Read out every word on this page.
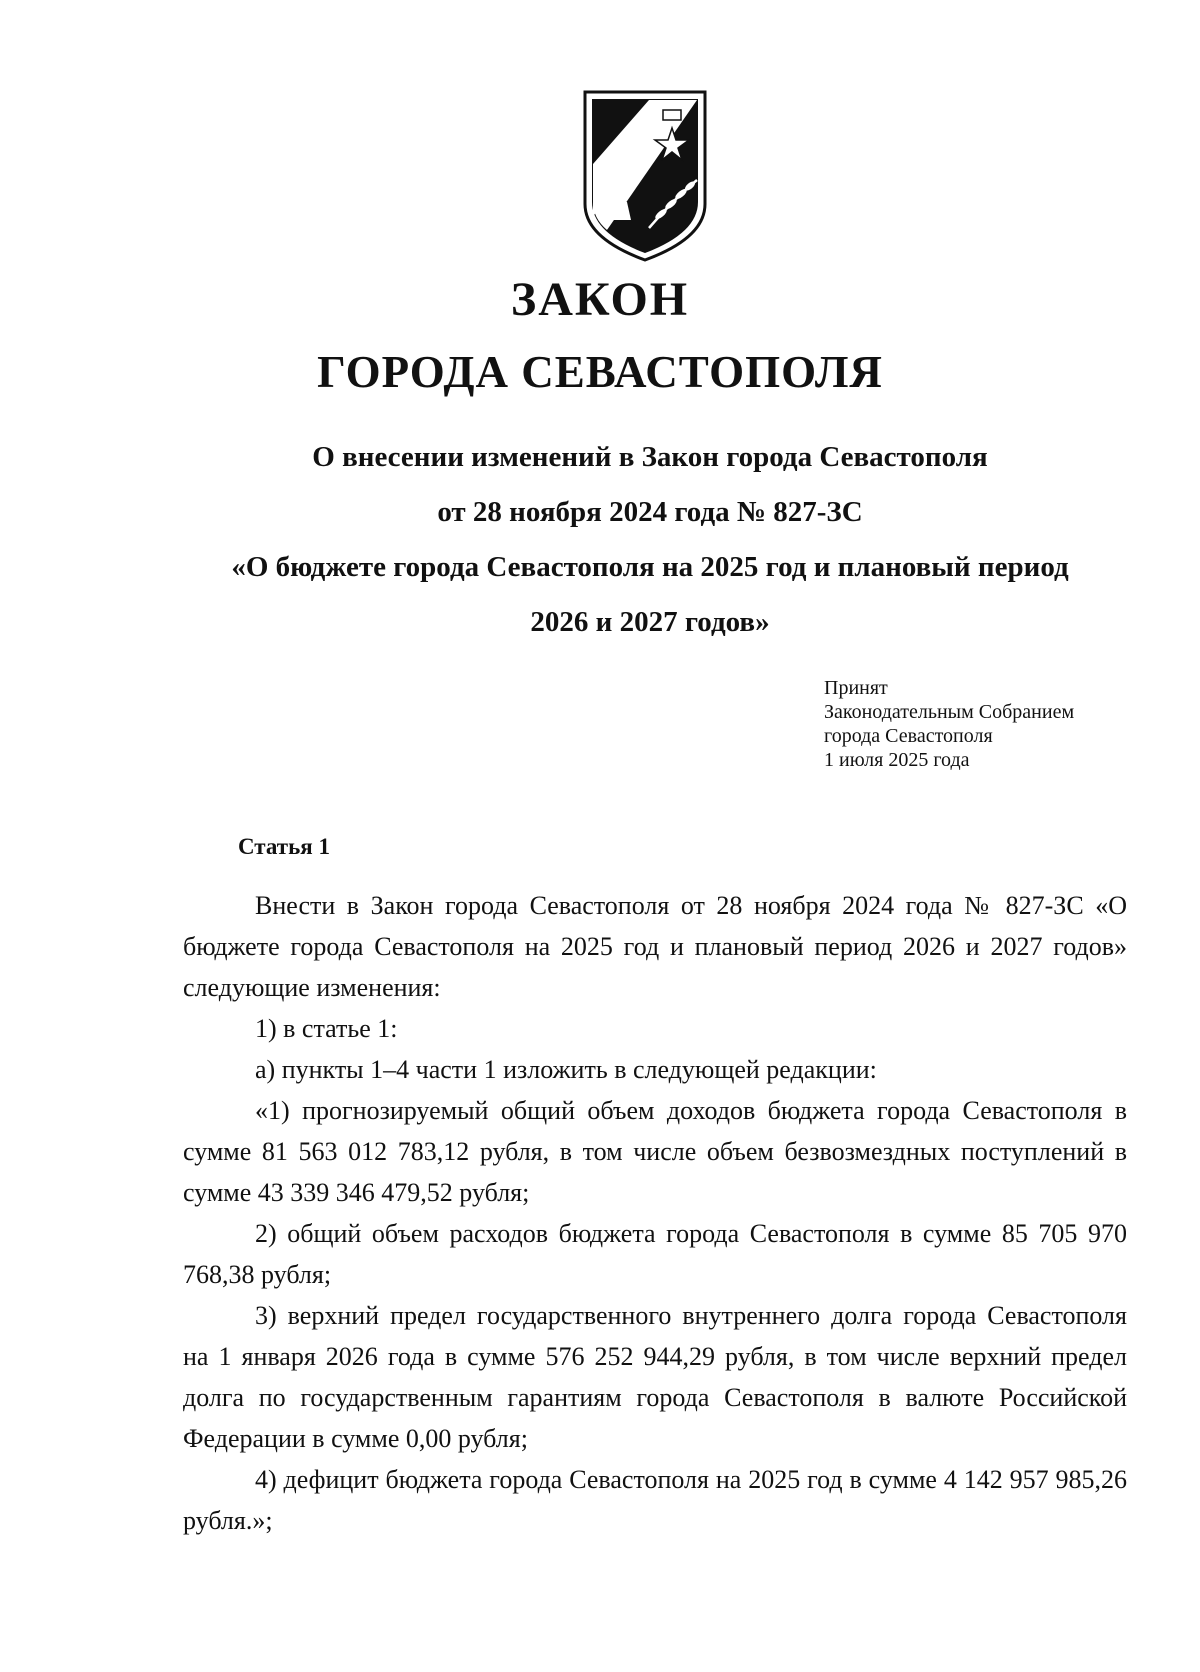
ЗАКОН
ГОРОДА СЕВАСТОПОЛЯ
О внесении изменений в Закон города Севастополя
от 28 ноября 2024 года № 827-ЗС
«О бюджете города Севастополя на 2025 год и плановый период
2026 и 2027 годов»
Принят
Законодательным Собранием
города Севастополя
1 июля 2025 года
Статья 1

Внести в Закон города Севастополя от 28 ноября 2024 года № 827-ЗС «О бюджете города Севастополя на 2025 год и плановый период 2026 и 2027 годов» следующие изменения:

1) в статье 1:

а) пункты 1–4 части 1 изложить в следующей редакции:

«1) прогнозируемый общий объем доходов бюджета города Севастополя в сумме 81 563 012 783,12 рубля, в том числе объем безвозмездных поступлений в сумме 43 339 346 479,52 рубля;

2) общий объем расходов бюджета города Севастополя в сумме 85 705 970 768,38 рубля;

3) верхний предел государственного внутреннего долга города Севастополя на 1 января 2026 года в сумме 576 252 944,29 рубля, в том числе верхний предел долга по государственным гарантиям города Севастополя в валюте Российской Федерации в сумме 0,00 рубля;

4) дефицит бюджета города Севастополя на 2025 год в сумме 4 142 957 985,26 рубля.»;
